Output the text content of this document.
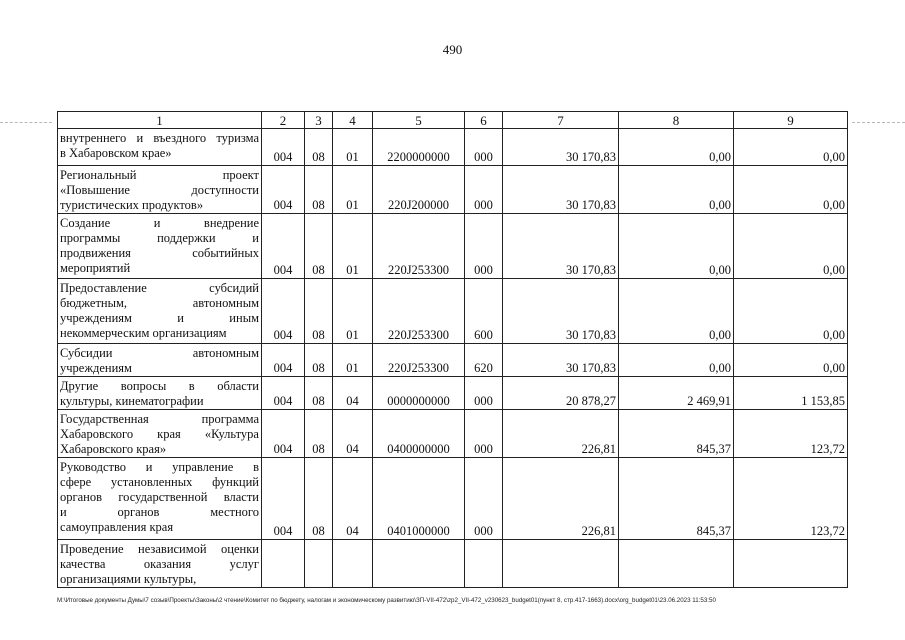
490
1	2	3	4	5	6	7	8	9

внутреннего и въездного туризма
в Хабаровском крае»	004	08	01	2200000000	000	30 170,83	0,00	0,00

Региональный проект
«Повышение доступности
туристических продуктов»	004	08	01	220J200000	000	30 170,83	0,00	0,00

Создание и внедрение
программы поддержки и
продвижения событийных
мероприятий	004	08	01	220J253300	000	30 170,83	0,00	0,00

Предоставление субсидий
бюджетным, автономным
учреждениям и иным
некоммерческим организациям	004	08	01	220J253300	600	30 170,83	0,00	0,00

Субсидии автономным
учреждениям	004	08	01	220J253300	620	30 170,83	0,00	0,00

Другие вопросы в области
культуры, кинематографии	004	08	04	0000000000	000	20 878,27	2 469,91	1 153,85

Государственная программа
Хабаровского края «Культура
Хабаровского края»	004	08	04	0400000000	000	226,81	845,37	123,72

Руководство и управление в
сфере установленных функций
органов государственной власти
и органов местного
самоуправления края	004	08	04	0401000000	000	226,81	845,37	123,72

Проведение независимой оценки
качества оказания услуг
организациями культуры,								

М:\Итоговые документы Думы\7 созыв\Проекты\Законы\2 чтение\Комитет по бюджету, налогам и экономическому развитию\ЗП-VII-472\zp2_VII-472_v230623_budget01(пункт 8, стр.417-1663).docx\org_budget01\23.06.2023 11:53:50
